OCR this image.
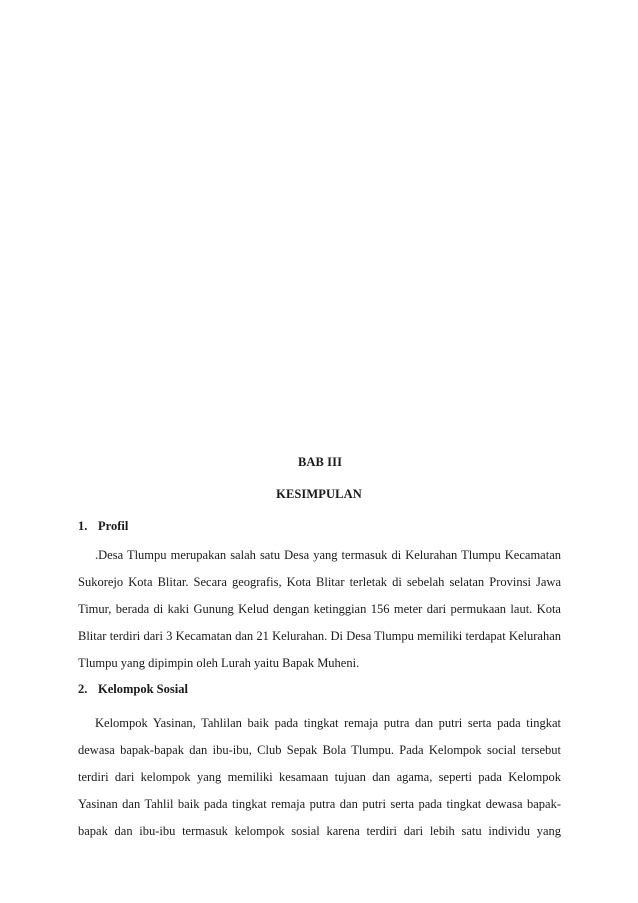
BAB III
KESIMPULAN
1. Profil
.Desa Tlumpu merupakan salah satu Desa yang termasuk di Kelurahan Tlumpu Kecamatan Sukorejo Kota Blitar. Secara geografis, Kota Blitar terletak di sebelah selatan Provinsi Jawa Timur, berada di kaki Gunung Kelud dengan ketinggian 156 meter dari permukaan laut. Kota Blitar terdiri dari 3 Kecamatan dan 21 Kelurahan. Di Desa Tlumpu memiliki terdapat Kelurahan Tlumpu yang dipimpin oleh Lurah yaitu Bapak Muheni.
2. Kelompok Sosial
Kelompok Yasinan, Tahlilan baik pada tingkat remaja putra dan putri serta pada tingkat dewasa bapak-bapak dan ibu-ibu, Club Sepak Bola Tlumpu. Pada Kelompok social tersebut terdiri dari kelompok yang memiliki kesamaan tujuan dan agama, seperti pada Kelompok Yasinan dan Tahlil baik pada tingkat remaja putra dan putri serta pada tingkat dewasa bapak-bapak dan ibu-ibu termasuk kelompok sosial karena terdiri dari lebih satu individu yang
